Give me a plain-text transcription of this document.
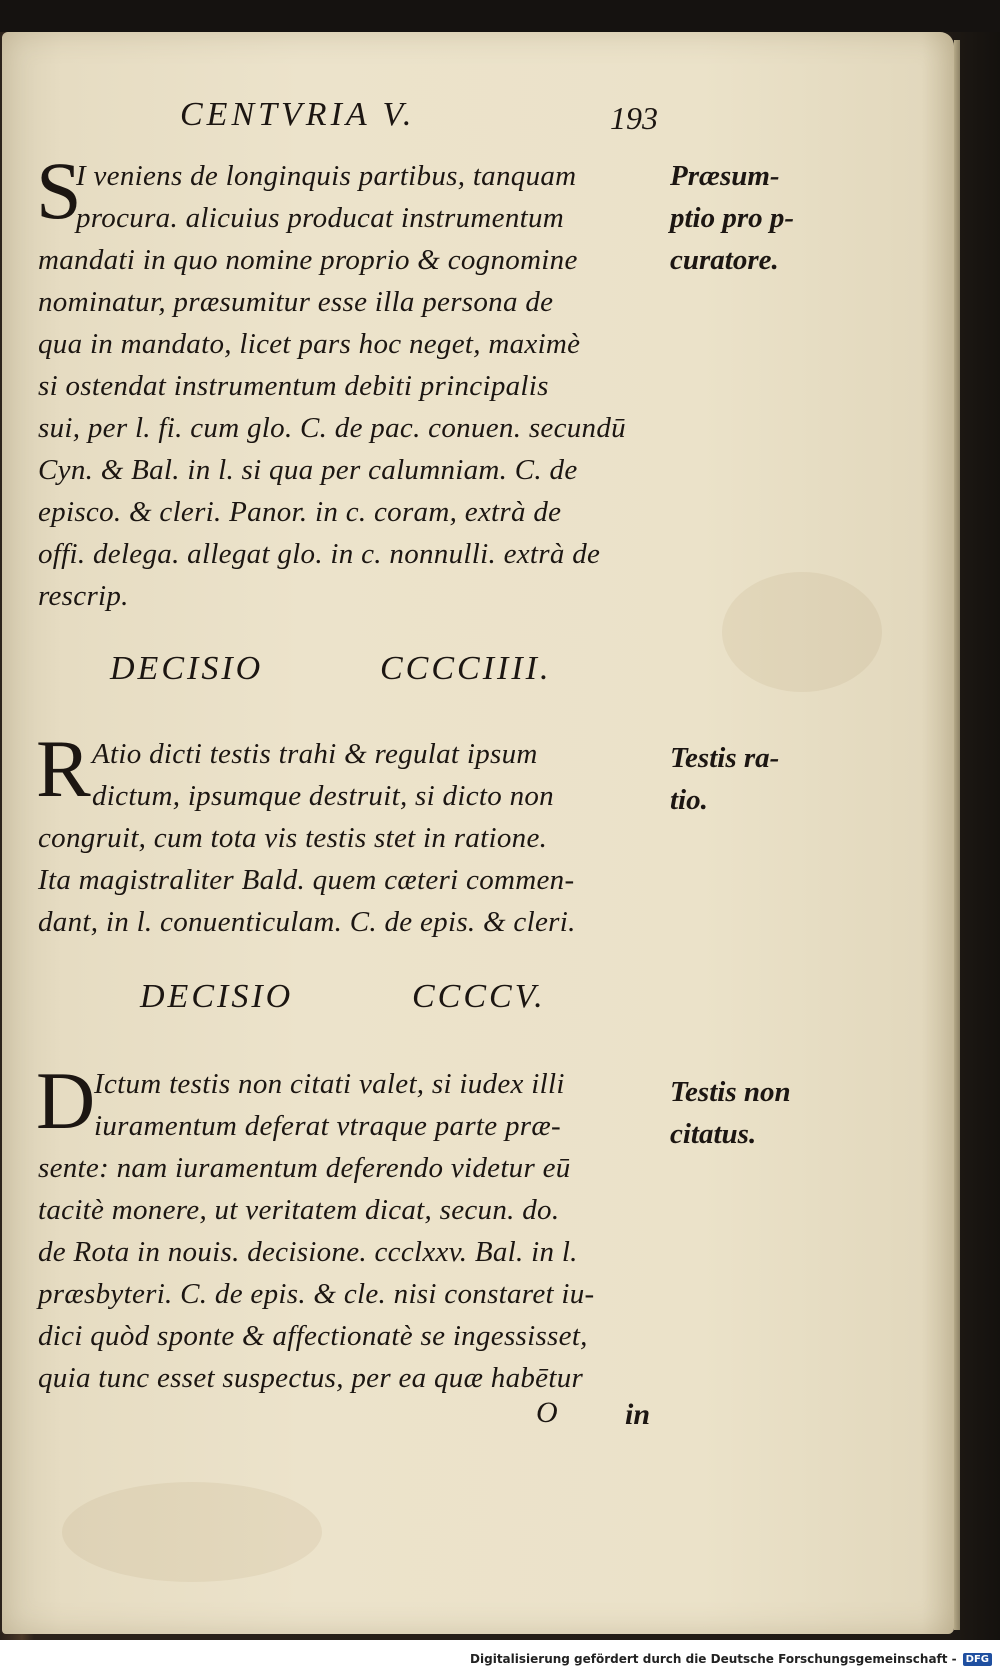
CENTVRIA V.	193
S
I veniens de longinquis partibus, tanquam
procura. alicuius producat instrumentum
mandati in quo nomine proprio & cognomine
nominatur, præsumitur esse illa persona de
qua in mandato, licet pars hoc neget, maximè
si ostendat instrumentum debiti principalis
sui, per l. fi. cum glo. C. de pac. conuen. secundū
Cyn. & Bal. in l. si qua per calumniam. C. de
episco. & cleri. Panor. in c. coram, extrà de
offi. delega. allegat glo. in c. nonnulli. extrà de
rescrip.
Præsum-
ptio pro p-
curatore.
DECISIO	CCCCIIII.
R Atio dicti testis trahi & regulat ipsum
dictum, ipsumque destruit, si dicto non
congruit, cum tota vis testis stet in ratione.
Ita magistraliter Bald. quem cæteri commen-
dant, in l. conuenticulam. C. de epis. & cleri.
Testis ra-
tio.
DECISIO	CCCCV.
D
Ictum testis non citati valet, si iudex illi
iuramentum deferat vtraque parte præ-
sente: nam iuramentum deferendo videtur eū
tacitè monere, ut veritatem dicat, secun. do.
de Rota in nouis. decisione. ccclxxv. Bal. in l.
præsbyteri. C. de epis. & cle. nisi constaret iu-
dici quòd sponte & affectionatè se ingessisset,
quia tunc esset suspectus, per ea quæ habētur
Testis non
citatus.
O in
Digitalisierung gefördert durch die Deutsche Forschungsgemeinschaft - DFG
